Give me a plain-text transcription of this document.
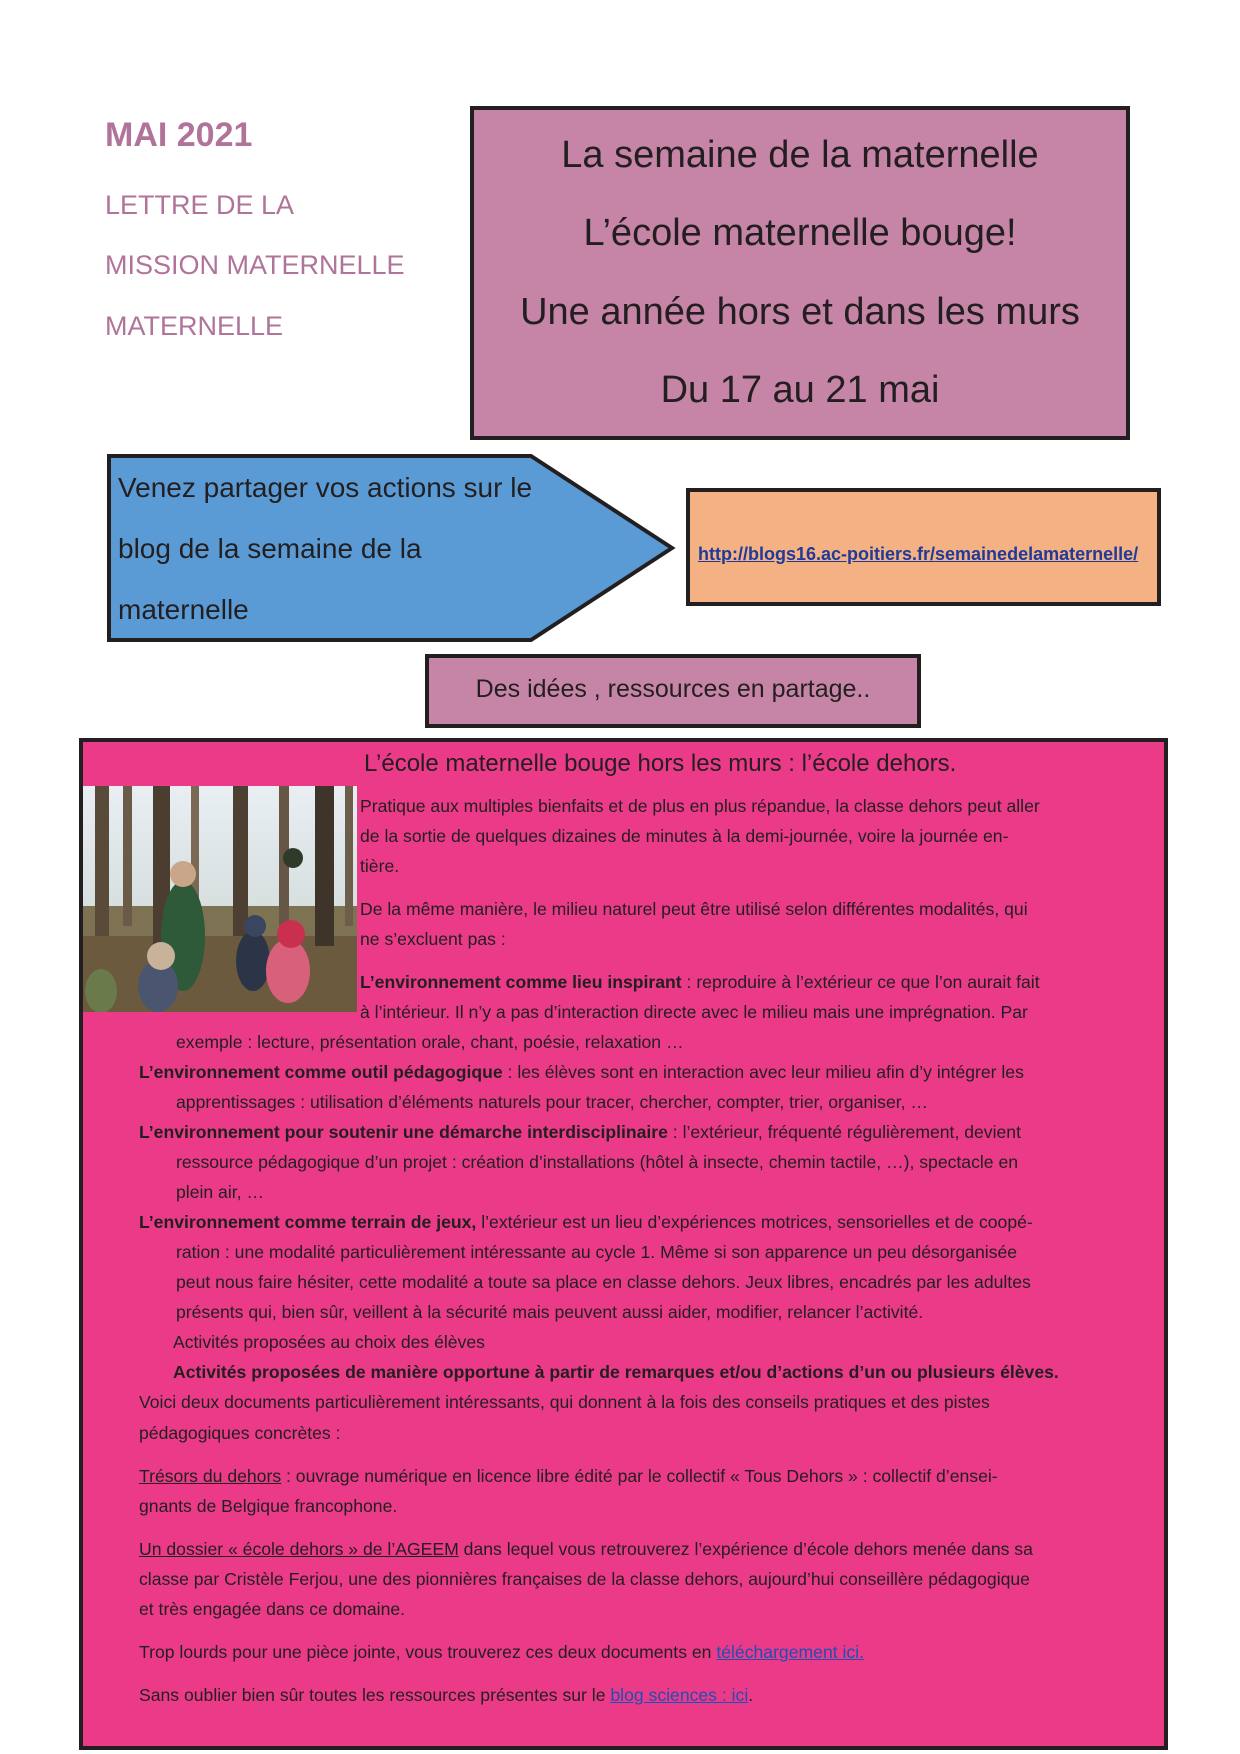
MAI 2021
LETTRE DE LA
MISSION MATERNELLE
MATERNELLE
La semaine de la maternelle
L’école maternelle bouge!
Une année hors et dans les murs
Du 17 au 21 mai
Venez partager vos actions sur le
blog de la semaine de la
maternelle
http://blogs16.ac-poitiers.fr/semainedelamaternelle/
Des idées , ressources en partage..
L’école maternelle bouge hors les murs : l’école dehors.
Pratique aux multiples bienfaits et de plus en plus répandue, la classe dehors peut aller
de la sortie de quelques dizaines de minutes à la demi-journée, voire la journée en-
tière.
De la même manière, le milieu naturel peut être utilisé selon différentes modalités, qui
ne s’excluent pas :
L’environnement comme lieu inspirant : reproduire à l’extérieur ce que l’on aurait fait
à l’intérieur. Il n’y a pas d’interaction directe avec le milieu mais une imprégnation. Par
exemple : lecture, présentation orale, chant, poésie, relaxation …
L’environnement comme outil pédagogique : les élèves sont en interaction avec leur milieu afin d’y intégrer les
apprentissages : utilisation d’éléments naturels pour tracer, chercher, compter, trier, organiser, …
L’environnement pour soutenir une démarche interdisciplinaire : l’extérieur, fréquenté régulièrement, devient
ressource pédagogique d’un projet : création d’installations (hôtel à insecte, chemin tactile, …), spectacle en
plein air, …
L’environnement comme terrain de jeux, l’extérieur est un lieu d’expériences motrices, sensorielles et de coopé-
ration : une modalité particulièrement intéressante au cycle 1. Même si son apparence un peu désorganisée
peut nous faire hésiter, cette modalité a toute sa place en classe dehors. Jeux libres, encadrés par les adultes
présents qui, bien sûr, veillent à la sécurité mais peuvent aussi aider, modifier, relancer l’activité.
Activités proposées au choix des élèves
Activités proposées de manière opportune à partir de remarques et/ou d’actions d’un ou plusieurs élèves.
Voici deux documents particulièrement intéressants, qui donnent à la fois des conseils pratiques et des pistes
pédagogiques concrètes :
Trésors du dehors : ouvrage numérique en licence libre édité par le collectif « Tous Dehors » : collectif d’ensei-
gnants de Belgique francophone.
Un dossier « école dehors » de l’AGEEM dans lequel vous retrouverez l’expérience d’école dehors menée dans sa
classe par Cristèle Ferjou, une des pionnières françaises de la classe dehors, aujourd’hui conseillère pédagogique
et très engagée dans ce domaine.
Trop lourds pour une pièce jointe, vous trouverez ces deux documents en téléchargement ici.
Sans oublier bien sûr toutes les ressources présentes sur le blog sciences : ici.
